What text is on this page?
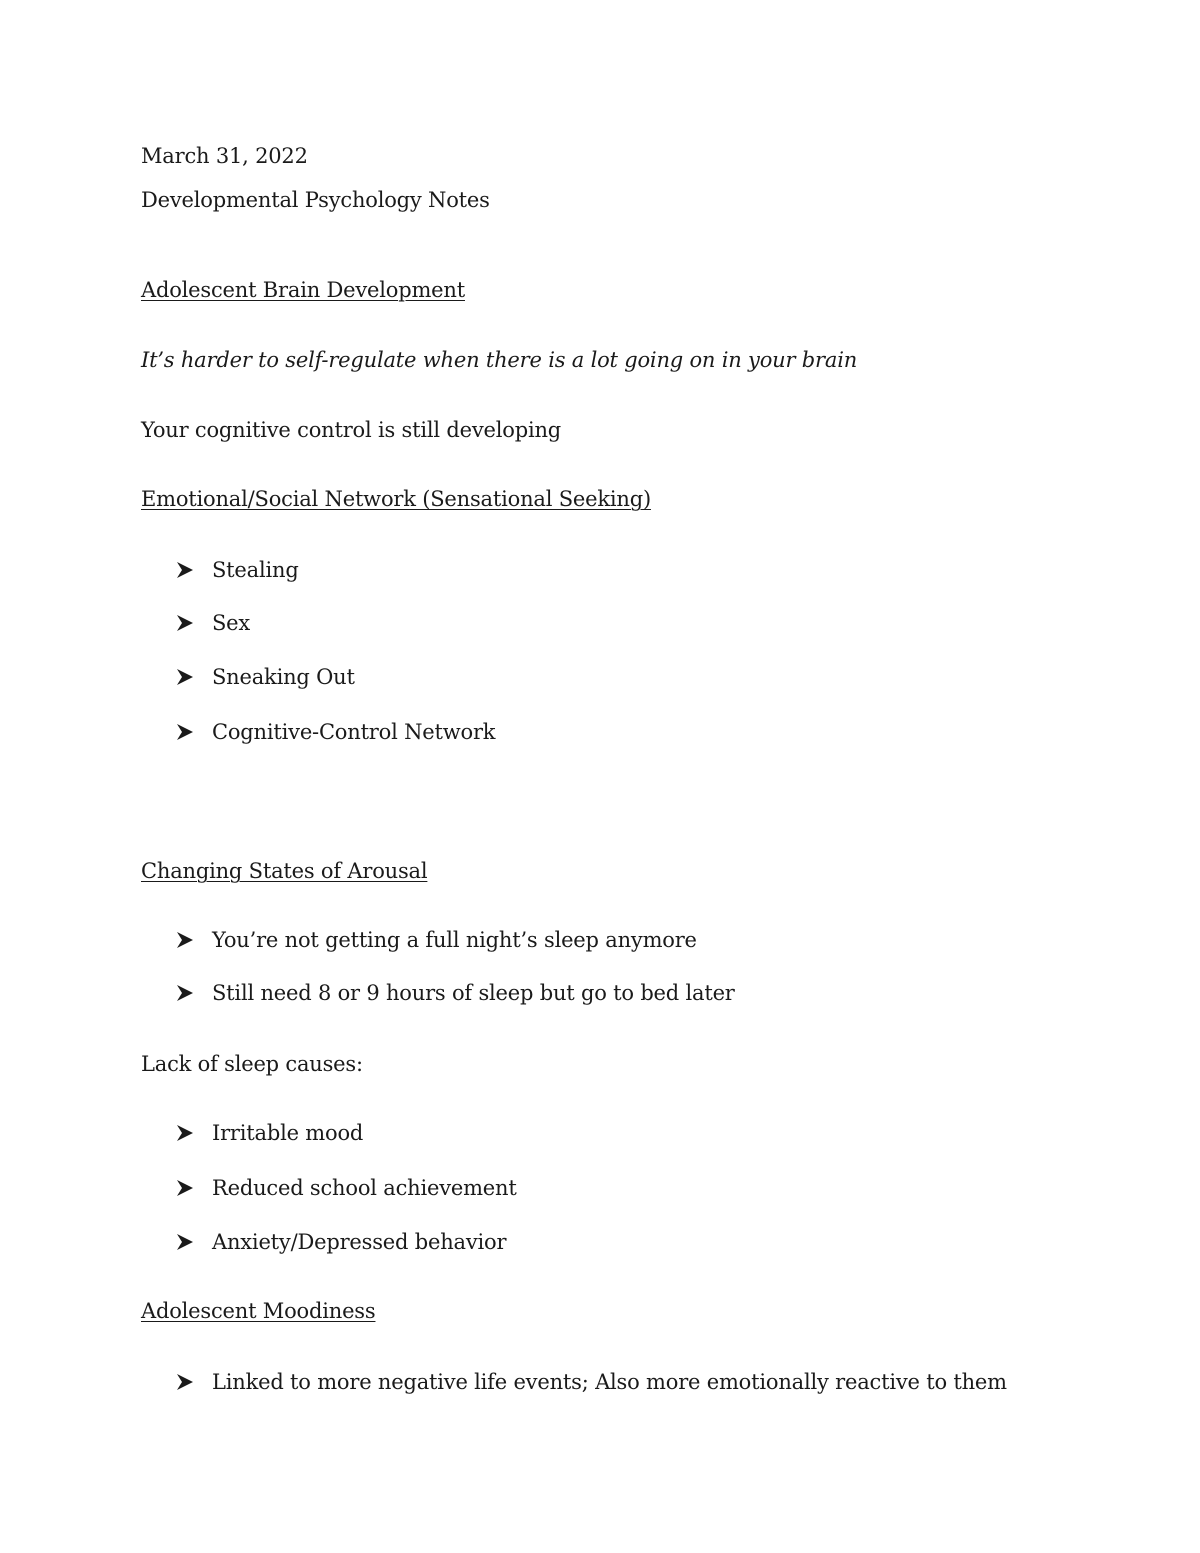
March 31, 2022
Developmental Psychology Notes
Adolescent Brain Development
It’s harder to self-regulate when there is a lot going on in your brain
Your cognitive control is still developing
Emotional/Social Network (Sensational Seeking)
Stealing
Sex
Sneaking Out
Cognitive-Control Network
Changing States of Arousal
You’re not getting a full night’s sleep anymore
Still need 8 or 9 hours of sleep but go to bed later
Lack of sleep causes:
Irritable mood
Reduced school achievement
Anxiety/Depressed behavior
Adolescent Moodiness
Linked to more negative life events; Also more emotionally reactive to them
